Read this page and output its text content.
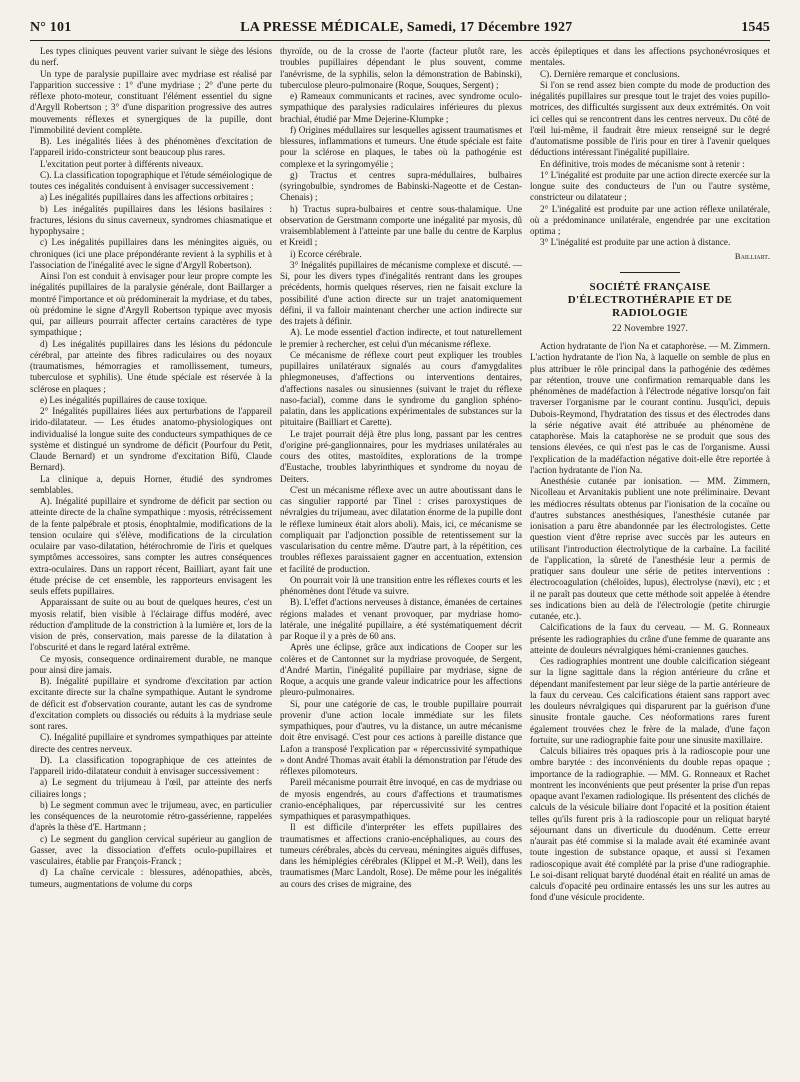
N° 101	LA PRESSE MÉDICALE, Samedi, 17 Décembre 1927	1545

Les types cliniques peuvent varier suivant le siège des lésions du nerf.

Un type de paralysie pupillaire avec mydriase est réalisé par l'apparition successive : 1° d'une mydriase ; 2° d'une perte du réflexe photo-moteur, constituant l'élément essentiel du signe d'Argyll Robertson ; 3° d'une disparition progressive des autres mouvements réflexes et synergiques de la pupille, dont l'immobilité devient complète.

B). Les inégalités liées à des phénomènes d'excitation de l'appareil irido-constricteur sont beaucoup plus rares.

L'excitation peut porter à différents niveaux.

C). La classification topographique et l'étude séméiologique de toutes ces inégalités conduisent à envisager successivement :

a) Les inégalités pupillaires dans les affections orbitaires ;

b) Les inégalités pupillaires dans les lésions basilaires : fractures, lésions du sinus caverneux, syndromes chiasmatique et hypophysaire ;

c) Les inégalités pupillaires dans les méningites aiguës, ou chroniques (ici une place prépondérante revient à la syphilis et à l'association de l'inégalité avec le signe d'Argyll Robertson).

Ainsi l'on est conduit à envisager pour leur propre compte les inégalités pupillaires de la paralysie générale, dont Baillarger a montré l'importance et où prédominerait la mydriase, et du tabes, où prédomine le signe d'Argyll Robertson typique avec myosis qui, par ailleurs pourrait affecter certains caractères de type sympathique ;

d) Les inégalités pupillaires dans les lésions du pédoncule cérébral, par atteinte des fibres radiculaires ou des noyaux (traumatismes, hémorragies et ramollissement, tumeurs, tuberculose et syphilis). Une étude spéciale est réservée à la sclérose en plaques ;

e) Les inégalités pupillaires de cause toxique.

2° Inégalités pupillaires liées aux perturbations de l'appareil irido-dilatateur. — Les études anatomo-physiologiques ont individualisé la longue suite des conducteurs sympathiques de ce système et distingué un syndrome de déficit (Pourfour du Petit, Claude Bernard) et un syndrome d'excitation Bifû, Claude Bernard).

La clinique a, depuis Horner, étudié des syndromes semblables.

A). Inégalité pupillaire et syndrome de déficit par section ou atteinte directe de la chaîne sympathique : myosis, rétrécissement de la fente palpébrale et ptosis, énophtalmie, modifications de la tension oculaire qui s'élève, modifications de la circulation oculaire par vaso-dilatation, hétérochromie de l'iris et quelques symptômes accessoires, sans compter les autres conséquences extra-oculaires. Dans un rapport récent, Bailliart, ayant fait une étude précise de cet ensemble, les rapporteurs envisagent les seuls effets pupillaires.

Apparaissant de suite ou au bout de quelques heures, c'est un myosis relatif, bien visible à l'éclairage diffus modéré, avec réduction d'amplitude de la constriction à la lumière et, lors de la vision de près, conservation, mais paresse de la dilatation à l'obscurité et dans le regard latéral extrême.

Ce myosis, consequence ordinairement durable, ne manque pour ainsi dire jamais.

B). Inégalité pupillaire et syndrome d'excitation par action excitante directe sur la chaîne sympathique. Autant le syndrome de déficit est d'observation courante, autant les cas de syndrome d'excitation complets ou dissociés ou réduits à la mydriase seule sont rares.

C). Inégalité pupillaire et syndromes sympathiques par atteinte directe des centres nerveux.

D). La classification topographique de ces atteintes de l'appareil irido-dilatateur conduit à envisager successivement :

a) Le segment du trijumeau à l'œil, par atteinte des nerfs ciliaires longs ;

b) Le segment commun avec le trijumeau, avec, en particulier les conséquences de la neurotomie rétro-gassérienne, rappelées d'après la thèse d'E. Hartmann ;

c) Le segment du ganglion cervical supérieur au ganglion de Gasser, avec la dissociation d'effets oculo-pupillaires et vasculaires, établie par François-Franck ;

d) La chaîne cervicale : blessures, adénopathies, abcès, tumeurs, augmentations de volume du corps

thyroïde, ou de la crosse de l'aorte (facteur plutôt rare, les troubles pupillaires dépendant le plus souvent, comme l'anévrisme, de la syphilis, selon la démonstration de Babinski), tuberculose pleuro-pulmonaire (Roque, Souques, Sergent) ;

e) Rameaux communicants et racines, avec syndrome oculo-sympathique des paralysies radiculaires inférieures du plexus brachial, étudié par Mme Dejerine-Klumpke ;

f) Origines médullaires sur lesquelles agissent traumatismes et blessures, inflammations et tumeurs. Une étude spéciale est faite pour la sclérose en plaques, le tabes où la pathogénie est complexe et la syringomyélie ;

g) Tractus et centres supra-médullaires, bulbaires (syringobulbie, syndromes de Babinski-Nageotte et de Cestan-Chenais) ;

h) Tractus supra-bulbaires et centre sous-thalamique. Une observation de Gerstmann comporte une inégalité par myosis, dû vraisemblablement à l'atteinte par une balle du centre de Karplus et Kreidl ;

i) Ecorce cérébrale.

3° Inégalités pupillaires de mécanisme complexe et discuté. — Si, pour les divers types d'inégalités rentrant dans les groupes précédents, hormis quelques réserves, rien ne faisait exclure la possibilité d'une action directe sur un trajet anatomiquement défini, il va falloir maintenant chercher une action indirecte sur des trajets à définir.

A). Le mode essentiel d'action indirecte, et tout naturellement le premier à rechercher, est celui d'un mécanisme réflexe.

Ce mécanisme de réflexe court peut expliquer les troubles pupillaires unilatéraux signalés au cours d'amygdalites phlegmoneuses, d'affections ou interventions dentaires, d'affections nasales ou sinusiennes (suivant le trajet du réflexe naso-facial), comme dans le syndrome du ganglion sphéno-palatin, dans les applications expérimentales de substances sur la pituitaire (Bailliart et Carette).

Le trajet pourrait déjà être plus long, passant par les centres d'origine pré-ganglionnaires, pour les mydriases unilatérales au cours des otites, mastoïdites, explorations de la trompe d'Eustache, troubles labyrinthiques et syndrome du noyau de Deiters.

C'est un mécanisme réflexe avec un autre aboutissant dans le cas singulier rapporté par Tinel : crises paroxystiques de névralgies du trijumeau, avec dilatation énorme de la pupille dont le réflexe lumineux était alors aboli). Mais, ici, ce mécanisme se compliquait par l'adjonction possible de retentissement sur la vascularisation du centre même. D'autre part, à la répétition, ces troubles réflexes paraissaient gagner en accentuation, extension et facilité de production.

On pourrait voir là une transition entre les réflexes courts et les phénomènes dont l'étude va suivre.

B). L'effet d'actions nerveuses à distance, émanées de certaines régions malades et venant provoquer, par mydriase homo-latérale, une inégalité pupillaire, a été systématiquement décrit par Roque il y a près de 60 ans.

Après une éclipse, grâce aux indications de Cooper sur les colères et de Cantonnet sur la mydriase provoquée, de Sergent, d'André Martin, l'inégalité pupillaire par mydriase, signe de Roque, a acquis une grande valeur indicatrice pour les affections pleuro-pulmonaires.

Si, pour une catégorie de cas, le trouble pupillaire pourrait provenir d'une action locale immédiate sur les filets sympathiques, pour d'autres, vu la distance, un autre mécanisme doit être envisagé. C'est pour ces actions à pareille distance que Lafon a transposé l'explication par « répercussivité sympathique » dont André Thomas avait établi la démonstration par l'étude des réflexes pilomoteurs.

Pareil mécanisme pourrait être invoqué, en cas de mydriase ou de myosis engendrés, au cours d'affections et traumatismes cranio-encéphaliques, par répercussivité sur les centres sympathiques et parasympathiques.

Il est difficile d'interpréter les effets pupillaires des traumatismes et affections cranio-encéphaliques, au cours des tumeurs cérébrales, abcès du cerveau, méningites aiguës diffuses, dans les hémiplégies cérébrales (Klippel et M.-P. Weil), dans les traumatismes (Marc Landolt, Rose). De même pour les inégalités au cours des crises de migraine, des

accès épileptiques et dans les affections psychonévrosiques et mentales.

C). Dernière remarque et conclusions.

Si l'on se rend assez bien compte du mode de production des inégalités pupillaires sur presque tout le trajet des voies pupillo-motrices, des difficultés surgissent aux deux extrémités. On voit ici celles qui se rencontrent dans les centres nerveux. Du côté de l'œil lui-même, il faudrait être mieux renseigné sur le degré d'automatisme possible de l'iris pour en tirer à l'avenir quelques déductions intéressant l'inégalité pupillaire.

En définitive, trois modes de mécanisme sont à retenir :

1° L'inégalité est produite par une action directe exercée sur la longue suite des conducteurs de l'un ou l'autre système, constricteur ou dilatateur ;

2° L'inégalité est produite par une action réflexe unilatérale, où a prédominance unilatérale, engendrée par une excitation optima ;

3° L'inégalité est produite par une action à distance.

Bailliart.
SOCIÉTÉ FRANÇAISE D'ÉLECTROTHÉRAPIE ET DE RADIOLOGIE
22 Novembre 1927.

Action hydratante de l'ion Na et cataphorèse. — M. Zimmern. L'action hydratante de l'ion Na, à laquelle on semble de plus en plus attribuer le rôle principal dans la pathogénie des œdèmes par rétention, trouve une confirmation remarquable dans les phénomènes de madéfaction à l'électrode négative lorsqu'on fait traverser l'organisme par le courant continu. Jusqu'ici, depuis Dubois-Reymond, l'hydratation des tissus et des électrodes dans la série négative avait été attribuée au phénomène de cataphorèse. Mais la cataphorèse ne se produit que sous des tensions élevées, ce qui n'est pas le cas de l'organisme. Aussi l'explication de la madéfaction négative doit-elle être reportée à l'action hydratante de l'ion Na.

Anesthésie cutanée par ionisation. — MM. Zimmern, Nicolleau et Arvanitakis publient une note préliminaire. Devant les médiocres résultats obtenus par l'ionisation de la cocaïne ou d'autres substances anesthésiques, l'anesthésie cutanée par ionisation a paru être abandonnée par les électrologistes. Cette question vient d'être reprise avec succès par les auteurs en utilisant l'introduction électrolytique de la carbaïne. La facilité de l'application, la sûreté de l'anesthésie leur a permis de pratiquer sans douleur une série de petites interventions : électrocoagulation (chéloïdes, lupus), électrolyse (nævi), etc ; et il ne paraît pas douteux que cette méthode soit appelée à étendre ses indications bien au delà de l'électrologie (petite chirurgie cutanée, etc.).

Calcifications de la faux du cerveau. — M. G. Ronneaux présente les radiographies du crâne d'une femme de quarante ans atteinte de douleurs névralgiques hémi-craniennes gauches.

Ces radiographies montrent une double calcification siégeant sur la ligne sagittale dans la région antérieure du crâne et dépendant manifestement par leur siège de la partie antérieure de la faux du cerveau. Ces calcifications étaient sans rapport avec les douleurs névralgiques qui disparurent par la guérison d'une sinusite frontale gauche. Ces néoformations rares furent également trouvées chez le frère de la malade, d'une façon fortuite, sur une radiographie faite pour une sinusite maxillaire.

Calculs biliaires très opaques pris à la radioscopie pour une ombre barytée : des inconvénients du double repas opaque ; importance de la radiographie. — MM. G. Ronneaux et Rachet montrent les inconvénients que peut présenter la prise d'un repas opaque avant l'examen radiologique. Ils présentent des clichés de calculs de la vésicule biliaire dont l'opacité et la position étaient telles qu'ils furent pris à la radioscopie pour un reliquat baryté séjournant dans un diverticule du duodénum. Cette erreur n'aurait pas été commise si la malade avait été examinée avant toute ingestion de substance opaque, et aussi si l'examen radioscopique avait été complété par la prise d'une radiographie. Le soi-disant reliquat baryté duodénal était en réalité un amas de calculs d'opacité peu ordinaire entassés les uns sur les autres au fond d'une vésicule procidente.
